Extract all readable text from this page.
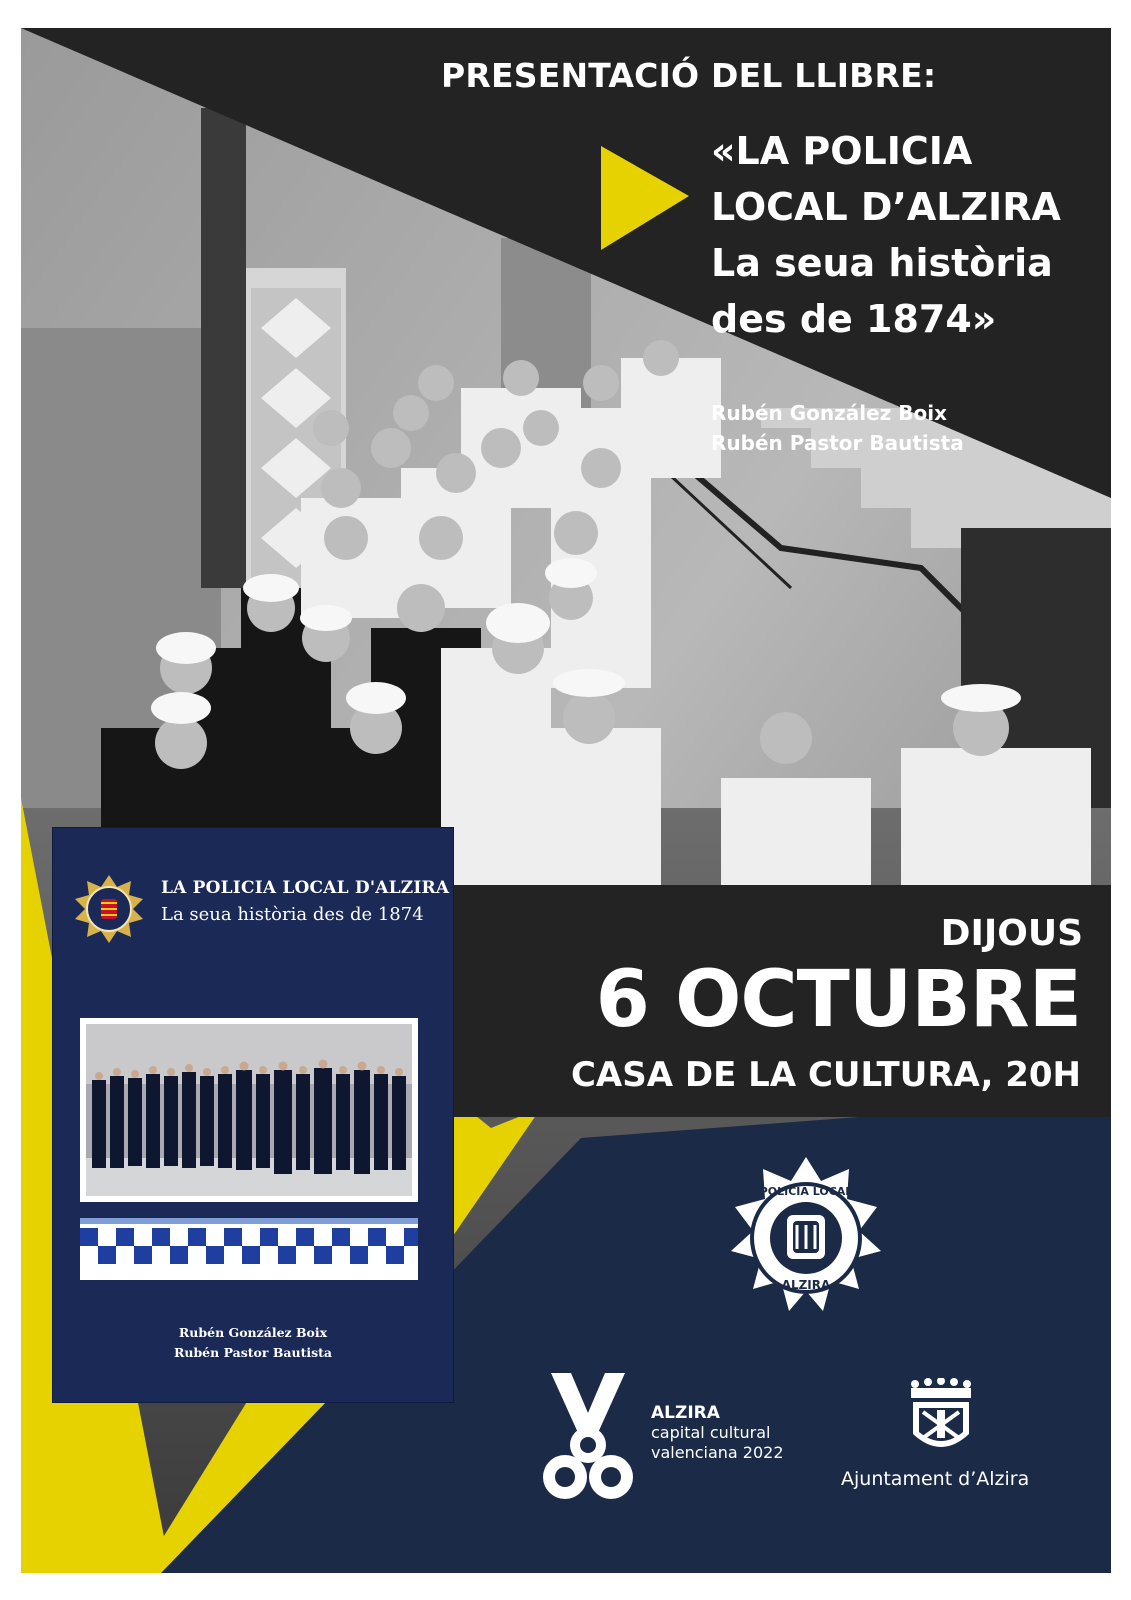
PRESENTACIÓ DEL LLIBRE:
«LA POLICIA
LOCAL D’ALZIRA
La seua història
des de 1874»
Rubén González Boix
Rubén Pastor Bautista
DIJOUS
6 OCTUBRE
CASA DE LA CULTURA, 20H
LA POLICIA LOCAL D'ALZIRA
La seua història des de 1874
Rubén González Boix
Rubén Pastor Bautista
POLICIA LOCAL
ALZIRA
ALZIRA
capital cultural
valenciana 2022
Ajuntament d’Alzira
